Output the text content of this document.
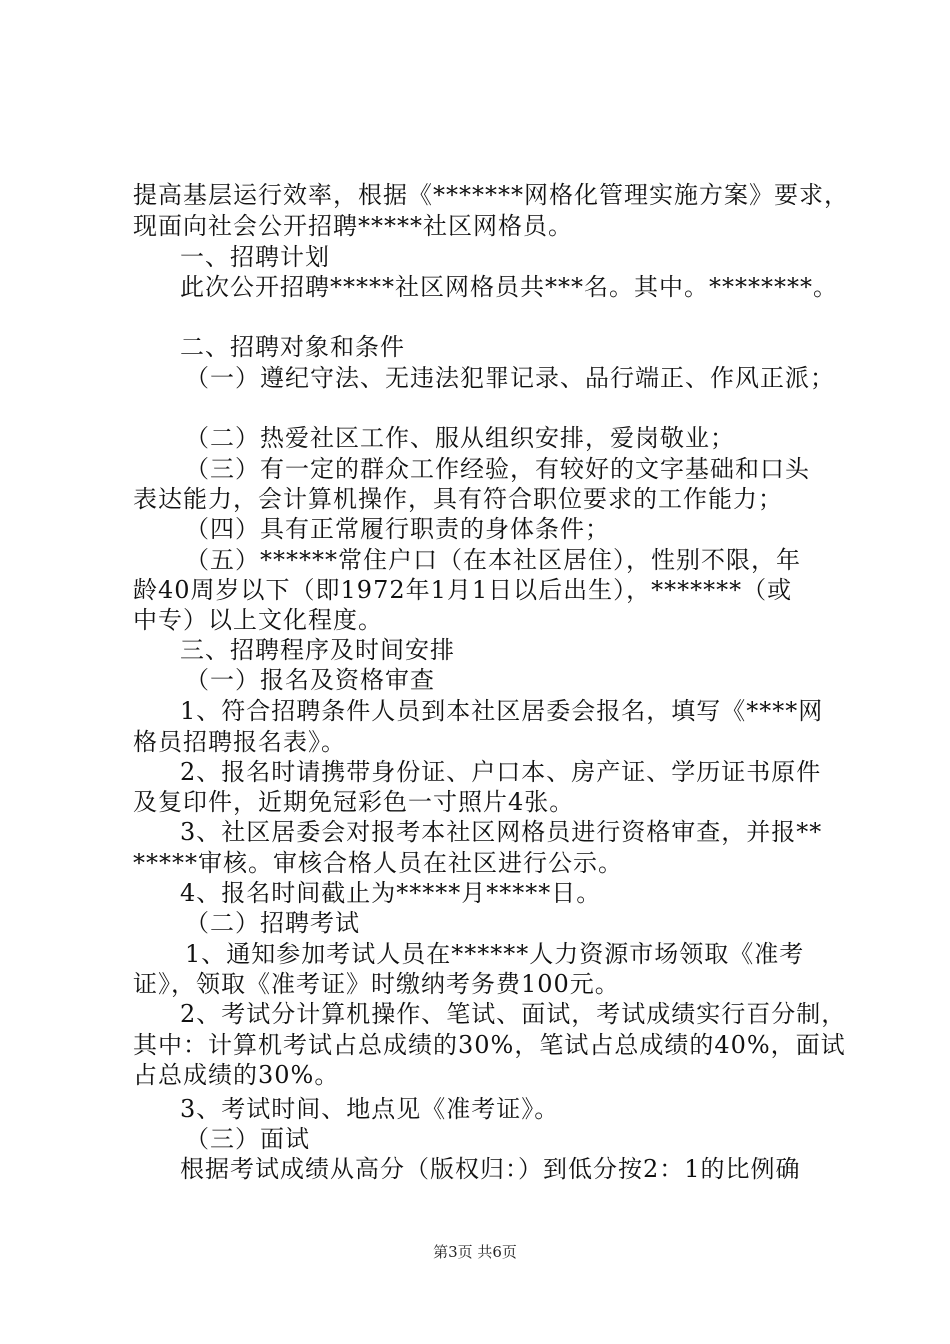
提高基层运行效率，根据《*******网格化管理实施方案》要求，
现面向社会公开招聘*****社区网格员。
一、招聘计划
此次公开招聘*****社区网格员共***名。其中。********。
二、招聘对象和条件
（一）遵纪守法、无违法犯罪记录、品行端正、作风正派；
（二）热爱社区工作、服从组织安排，爱岗敬业；
（三）有一定的群众工作经验，有较好的文字基础和口头
表达能力，会计算机操作，具有符合职位要求的工作能力；
（四）具有正常履行职责的身体条件；
（五）******常住户口（在本社区居住），性别不限，年
龄40周岁以下（即1972年1月1日以后出生），*******（或
中专）以上文化程度。
三、招聘程序及时间安排
（一）报名及资格审查
1、符合招聘条件人员到本社区居委会报名，填写《****网
格员招聘报名表》。
2、报名时请携带身份证、户口本、房产证、学历证书原件
及复印件，近期免冠彩色一寸照片4张。
3、社区居委会对报考本社区网格员进行资格审查，并报**
*****审核。审核合格人员在社区进行公示。
4、报名时间截止为*****月*****日。
（二）招聘考试
1、通知参加考试人员在******人力资源市场领取《准考
证》，领取《准考证》时缴纳考务费100元。
2、考试分计算机操作、笔试、面试，考试成绩实行百分制，
其中：计算机考试占总成绩的30%，笔试占总成绩的40%，面试
占总成绩的30%。
3、考试时间、地点见《准考证》。
（三）面试
根据考试成绩从高分（版权归：）到低分按2：1的比例确
第3页 共6页
